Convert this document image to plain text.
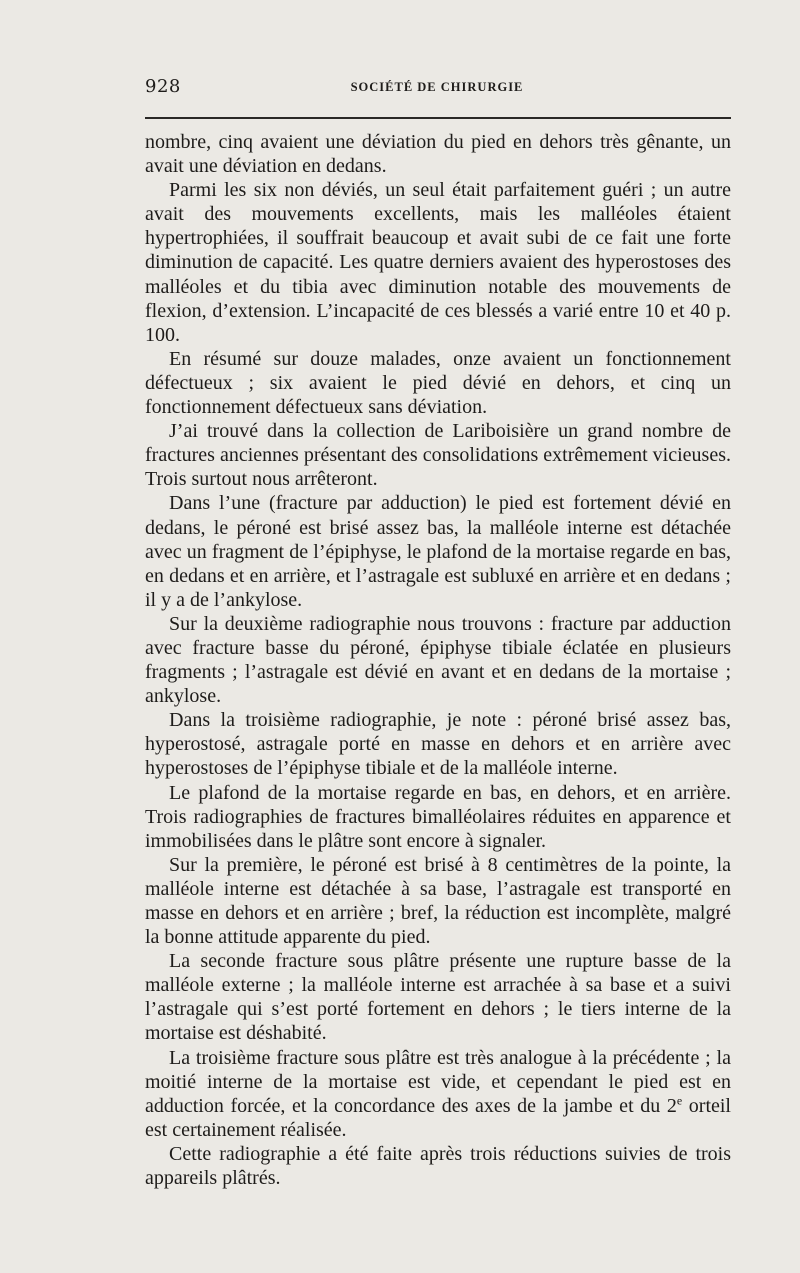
928	SOCIÉTÉ DE CHIRURGIE

nombre, cinq avaient une déviation du pied en dehors très gênante, un avait une déviation en dedans.

Parmi les six non déviés, un seul était parfaitement guéri ; un autre avait des mouvements excellents, mais les malléoles étaient hypertrophiées, il souffrait beaucoup et avait subi de ce fait une forte diminution de capacité. Les quatre derniers avaient des hyperostoses des malléoles et du tibia avec diminution notable des mouvements de flexion, d’extension. L’incapacité de ces blessés a varié entre 10 et 40 p. 100.

En résumé sur douze malades, onze avaient un fonctionnement défectueux ; six avaient le pied dévié en dehors, et cinq un fonctionnement défectueux sans déviation.

J’ai trouvé dans la collection de Lariboisière un grand nombre de fractures anciennes présentant des consolidations extrêmement vicieuses. Trois surtout nous arrêteront.

Dans l’une (fracture par adduction) le pied est fortement dévié en dedans, le péroné est brisé assez bas, la malléole interne est détachée avec un fragment de l’épiphyse, le plafond de la mortaise regarde en bas, en dedans et en arrière, et l’astragale est subluxé en arrière et en dedans ; il y a de l’ankylose.

Sur la deuxième radiographie nous trouvons : fracture par adduction avec fracture basse du péroné, épiphyse tibiale éclatée en plusieurs fragments ; l’astragale est dévié en avant et en dedans de la mortaise ; ankylose.

Dans la troisième radiographie, je note : péroné brisé assez bas, hyperostosé, astragale porté en masse en dehors et en arrière avec hyperostoses de l’épiphyse tibiale et de la malléole interne.

Le plafond de la mortaise regarde en bas, en dehors, et en arrière. Trois radiographies de fractures bimalléolaires réduites en apparence et immobilisées dans le plâtre sont encore à signaler.

Sur la première, le péroné est brisé à 8 centimètres de la pointe, la malléole interne est détachée à sa base, l’astragale est transporté en masse en dehors et en arrière ; bref, la réduction est incomplète, malgré la bonne attitude apparente du pied.

La seconde fracture sous plâtre présente une rupture basse de la malléole externe ; la malléole interne est arrachée à sa base et a suivi l’astragale qui s’est porté fortement en dehors ; le tiers interne de la mortaise est déshabité.

La troisième fracture sous plâtre est très analogue à la précédente ; la moitié interne de la mortaise est vide, et cependant le pied est en adduction forcée, et la concordance des axes de la jambe et du 2e orteil est certainement réalisée.

Cette radiographie a été faite après trois réductions suivies de trois appareils plâtrés.
